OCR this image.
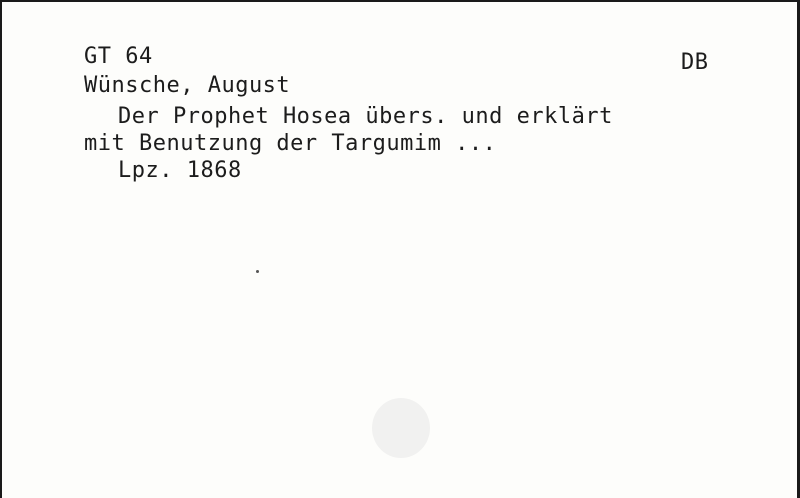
GT 64	DB
Wünsche, August
Der Prophet Hosea übers. und erklärt
mit Benutzung der Targumim ...
Lpz. 1868
